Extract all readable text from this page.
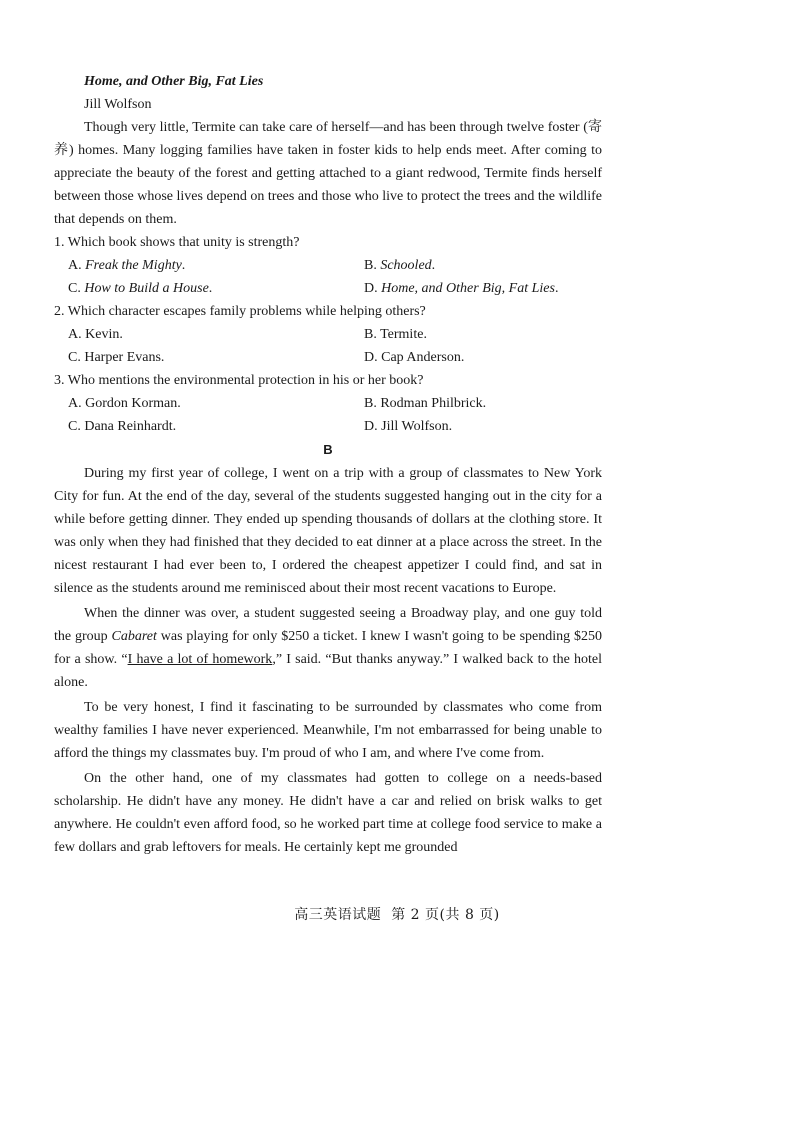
Home, and Other Big, Fat Lies
Jill Wolfson

Though very little, Termite can take care of herself—and has been through twelve foster (寄养) homes. Many logging families have taken in foster kids to help ends meet. After coming to appreciate the beauty of the forest and getting attached to a giant redwood, Termite finds herself between those whose lives depend on trees and those who live to protect the trees and the wildlife that depends on them.

1. Which book shows that unity is strength?
A. Freak the Mighty.	B. Schooled.
C. How to Build a House.	D. Home, and Other Big, Fat Lies.
2. Which character escapes family problems while helping others?
A. Kevin.	B. Termite.
C. Harper Evans.	D. Cap Anderson.
3. Who mentions the environmental protection in his or her book?
A. Gordon Korman.	B. Rodman Philbrick.
C. Dana Reinhardt.	D. Jill Wolfson.
B

During my first year of college, I went on a trip with a group of classmates to New York City for fun. At the end of the day, several of the students suggested hanging out in the city for a while before getting dinner. They ended up spending thousands of dollars at the clothing store. It was only when they had finished that they decided to eat dinner at a place across the street. In the nicest restaurant I had ever been to, I ordered the cheapest appetizer I could find, and sat in silence as the students around me reminisced about their most recent vacations to Europe.

When the dinner was over, a student suggested seeing a Broadway play, and one guy told the group Cabaret was playing for only $250 a ticket. I knew I wasn't going to be spending $250 for a show. “I have a lot of homework,” I said. “But thanks anyway.” I walked back to the hotel alone.

To be very honest, I find it fascinating to be surrounded by classmates who come from wealthy families I have never experienced. Meanwhile, I'm not embarrassed for being unable to afford the things my classmates buy. I'm proud of who I am, and where I've come from.

On the other hand, one of my classmates had gotten to college on a needs-based scholarship. He didn't have any money. He didn't have a car and relied on brisk walks to get anywhere. He couldn't even afford food, so he worked part time at college food service to make a few dollars and grab leftovers for meals. He certainly kept me grounded

高三英语试题 第 2 页(共 8 页)
